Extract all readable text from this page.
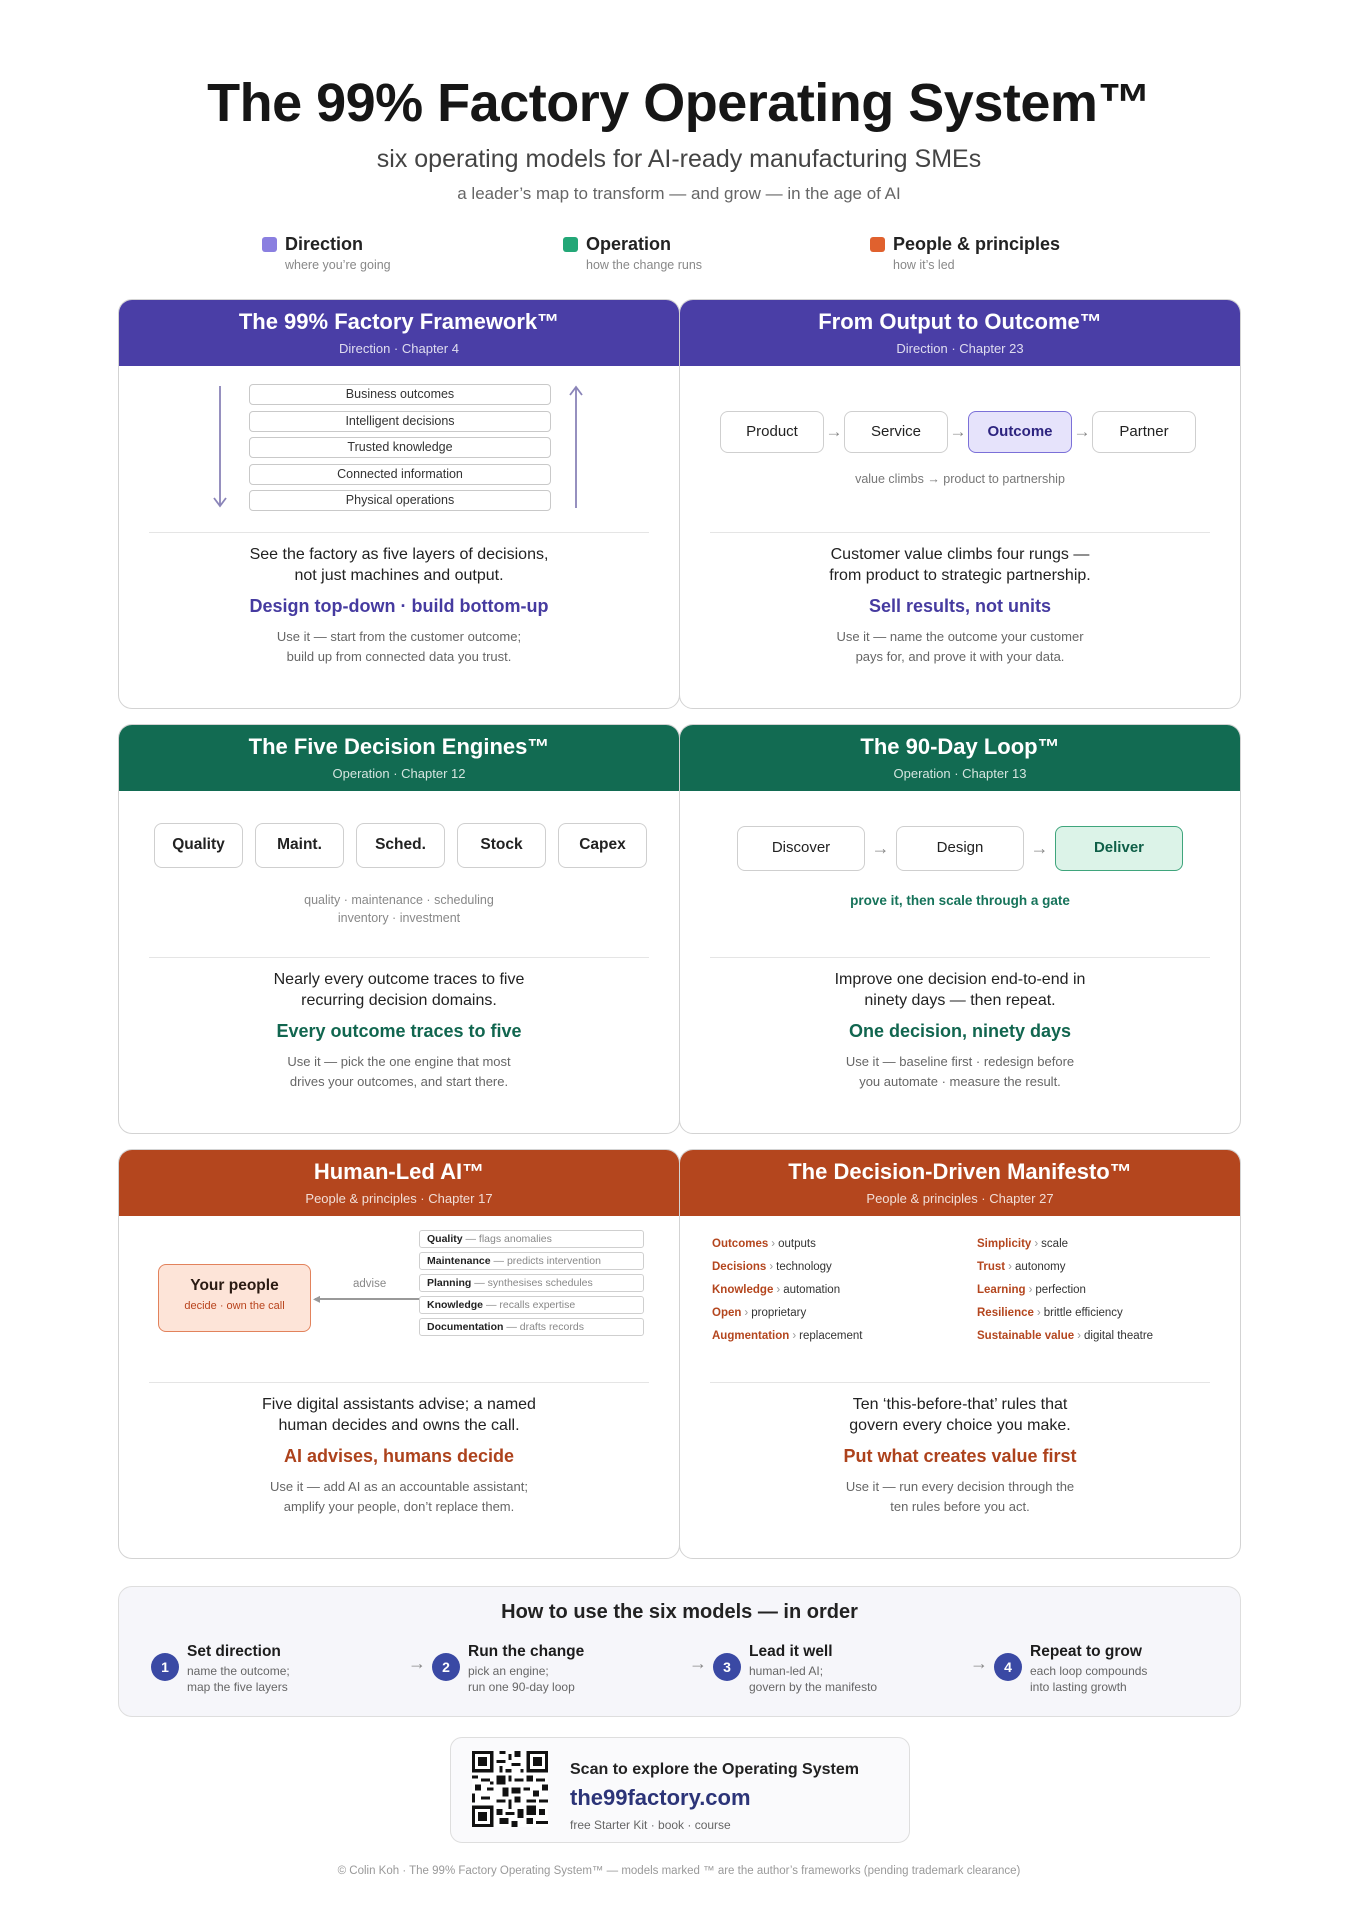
The 99% Factory Operating System™
six operating models for AI-ready manufacturing SMEs
a leader’s map to transform — and grow — in the age of AI
Direction
where you’re going
Operation
how the change runs
People & principles
how it’s led
The 99% Factory Framework™
Direction · Chapter 4
Business outcomes
Intelligent decisions
Trusted knowledge
Connected information
Physical operations
See the factory as five layers of decisions,
not just machines and output.
Design top-down · build bottom-up
Use it — start from the customer outcome;
build up from connected data you trust.
From Output to Outcome™
Direction · Chapter 23
Product	→	Service	→	Outcome	→	Partner
value climbs → product to partnership
Customer value climbs four rungs —
from product to strategic partnership.
Sell results, not units
Use it — name the outcome your customer
pays for, and prove it with your data.
The Five Decision Engines™
Operation · Chapter 12
Quality	Maint.	Sched.	Stock	Capex
quality · maintenance · scheduling
inventory · investment
Nearly every outcome traces to five
recurring decision domains.
Every outcome traces to five
Use it — pick the one engine that most
drives your outcomes, and start there.
The 90-Day Loop™
Operation · Chapter 13
Discover	→	Design	→	Deliver
prove it, then scale through a gate
Improve one decision end-to-end in
ninety days — then repeat.
One decision, ninety days
Use it — baseline first · redesign before
you automate · measure the result.
Human-Led AI™
People & principles · Chapter 17
Your people
decide · own the call
advise
◂
Quality — flags anomalies
Maintenance — predicts intervention
Planning — synthesises schedules
Knowledge — recalls expertise
Documentation — drafts records
Five digital assistants advise; a named
human decides and owns the call.
AI advises, humans decide
Use it — add AI as an accountable assistant;
amplify your people, don’t replace them.
The Decision-Driven Manifesto™
People & principles · Chapter 27
Outcomes › outputs
Decisions › technology
Knowledge › automation
Open › proprietary
Augmentation › replacement
Simplicity › scale
Trust › autonomy
Learning › perfection
Resilience › brittle efficiency
Sustainable value › digital theatre
Ten ‘this-before-that’ rules that
govern every choice you make.
Put what creates value first
Use it — run every decision through the
ten rules before you act.
How to use the six models — in order
1
Set direction
name the outcome;
map the five layers
→	2
Run the change
pick an engine;
run one 90-day loop
→	3
Lead it well
human-led AI;
govern by the manifesto
→	4
Repeat to grow
each loop compounds
into lasting growth
Scan to explore the Operating System
the99factory.com
free Starter Kit · book · course
© Colin Koh · The 99% Factory Operating System™ — models marked ™ are the author’s frameworks (pending trademark clearance)
